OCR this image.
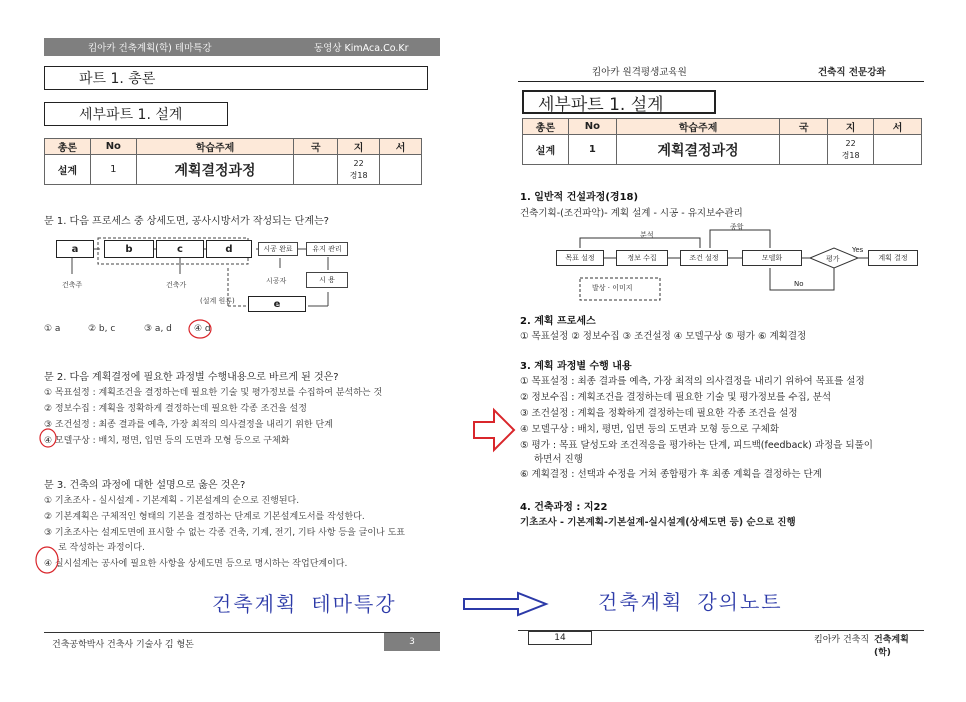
킴아카 건축계획(학) 테마특강	동영상 KimAca.Co.Kr
파트 1. 총론
세부파트 1. 설계
총론	No	학습주제	국	지	서
설계	1	계획결정과정		22
경18	

문 1. 다음 프로세스 중 상세도면, 공사시방서가 작성되는 단계는?
a	b	c	d
e
시공 완료	유지 관리
시 용
건축주	건축가	시공자
(설계 원류)
① a	② b, c	③ a, d ④ d
문 2. 다음 계획결정에 필요한 과정별 수행내용으로 바르게 된 것은?
① 목표설정 : 계획조건을 결정하는데 필요한 기술 및 평가정보를 수집하여 분석하는 것
② 정보수집 : 계획을 정확하게 결정하는데 필요한 각종 조건을 설정
③ 조건설정 : 최종 결과를 예측, 가장 최적의 의사결정을 내리기 위한 단계
④ 모델구상 : 배치, 평면, 입면 등의 도면과 모형 등으로 구체화
문 3. 건축의 과정에 대한 설명으로 옳은 것은?
① 기초조사 - 실시설계 - 기본계획 - 기본설계의 순으로 진행된다.
② 기본계획은 구체적인 형태의 기본을 결정하는 단계로 기본설계도서를 작성한다.
③ 기초조사는 설계도면에 표시할 수 없는 각종 건축, 기계, 전기, 기타 사항 등을 글이나 도표
로 작성하는 과정이다.
④ 실시설계는 공사에 필요한 사항을 상세도면 등으로 명시하는 작업단계이다.
건축계획 테마특강
건축공학박사 건축사 기술사 김 형돈	3
킴아카 원격평생교육원	건축직 전문강좌
세부파트 1. 설계
총론	No	학습주제	국	지	서
설계	1	계획결정과정		22
경18	

1. 일반적 건설과정(경18)
건축기획-(조건파악)- 계획 설계 - 시공 - 유지보수관리
목표 설정	정보 수집	조건 설정	모델화	평가	계획 결정
분석
종합
Yes
No
발상 · 이미지
2. 계획 프로세스
① 목표설정 ② 정보수집 ③ 조건설정 ④ 모델구상 ⑤ 평가 ⑥ 계획결정
3. 계획 과정별 수행 내용
① 목표설정 : 최종 결과를 예측, 가장 최적의 의사결정을 내리기 위하여 목표를 설정
② 정보수집 : 계획조건을 결정하는데 필요한 기술 및 평가정보를 수집, 분석
③ 조건설정 : 계획을 정확하게 결정하는데 필요한 각종 조건을 설정
④ 모델구상 : 배치, 평면, 입면 등의 도면과 모형 등으로 구체화
⑤ 평가 : 목표 달성도와 조건적응을 평가하는 단계, 피드백(feedback) 과정을 되풀이
하면서 진행
⑥ 계획결정 : 선택과 수정을 거쳐 종합평가 후 최종 계획을 결정하는 단계
4. 건축과정 : 지22
기초조사 - 기본계획-기본설계-실시설계(상세도면 등) 순으로 진행
건축계획 강의노트
14	킴아카 건축직 건축계획(학)
